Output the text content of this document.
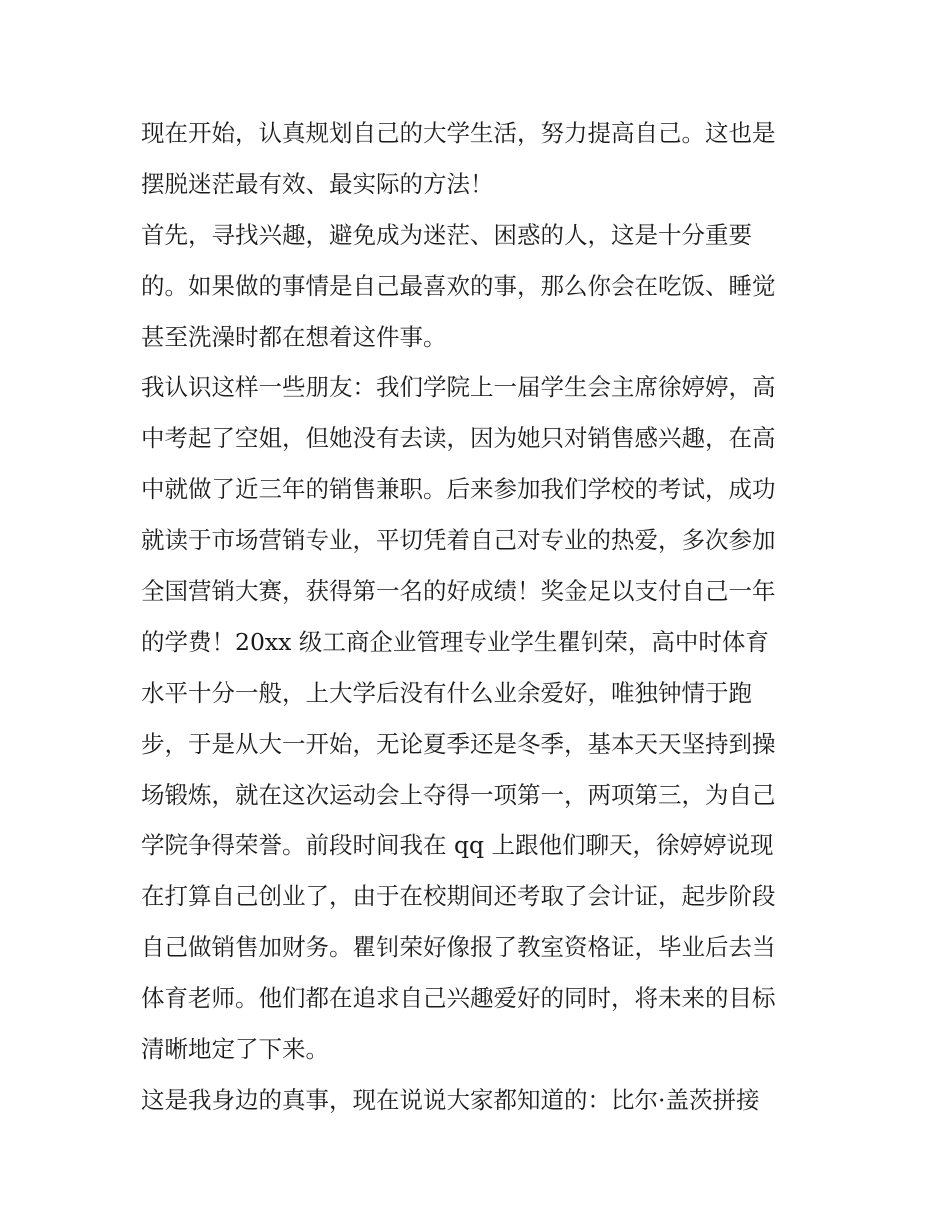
现在开始，认真规划自己的大学生活，努力提高自己。这也是
摆脱迷茫最有效、最实际的方法！
首先，寻找兴趣，避免成为迷茫、困惑的人，这是十分重要
的。如果做的事情是自己最喜欢的事，那么你会在吃饭、睡觉
甚至洗澡时都在想着这件事。
我认识这样一些朋友：我们学院上一届学生会主席徐婷婷，高
中考起了空姐，但她没有去读，因为她只对销售感兴趣，在高
中就做了近三年的销售兼职。后来参加我们学校的考试，成功
就读于市场营销专业，平切凭着自己对专业的热爱，多次参加
全国营销大赛，获得第一名的好成绩！奖金足以支付自己一年
的学费！20xx 级工商企业管理专业学生瞿钊荣，高中时体育
水平十分一般，上大学后没有什么业余爱好，唯独钟情于跑
步，于是从大一开始，无论夏季还是冬季，基本天天坚持到操
场锻炼，就在这次运动会上夺得一项第一，两项第三，为自己
学院争得荣誉。前段时间我在 qq 上跟他们聊天，徐婷婷说现
在打算自己创业了，由于在校期间还考取了会计证，起步阶段
自己做销售加财务。瞿钊荣好像报了教室资格证，毕业后去当
体育老师。他们都在追求自己兴趣爱好的同时，将未来的目标
清晰地定了下来。
这是我身边的真事，现在说说大家都知道的：比尔·盖茨拼接
